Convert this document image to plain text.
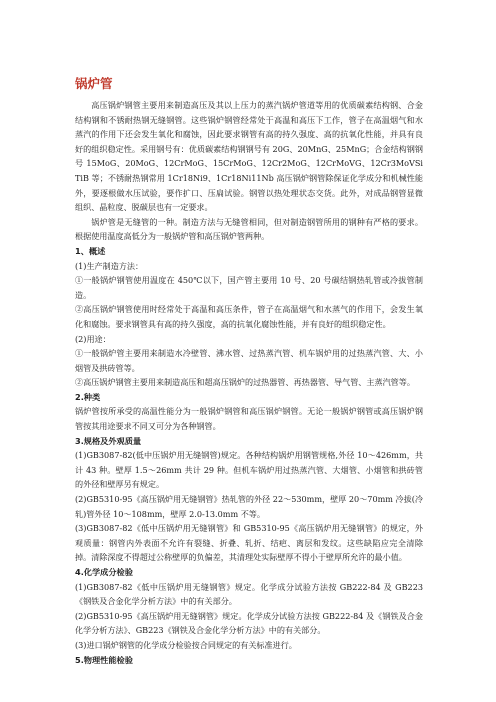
锅炉管

高压锅炉钢管主要用来制造高压及其以上压力的蒸汽锅炉管道等用的优质碳素结构钢、合金结构钢和不锈耐热钢无缝钢管。这些锅炉钢管经常处于高温和高压下工作，管子在高温烟气和水蒸汽的作用下还会发生氧化和腐蚀，因此要求钢管有高的持久强度、高的抗氧化性能，并具有良好的组织稳定性。采用钢号有：优质碳素结构钢钢号有 20G、20MnG、25MnG；合金结构钢钢号 15MoG、20MoG、12CrMoG、15CrMoG、12Cr2MoG、12CrMoVG、12Cr3MoVSiTiB 等；不锈耐热钢常用 1Cr18Ni9、1Cr18Ni11Nb 高压锅炉钢管除保证化学成分和机械性能外，要逐根做水压试验，要作扩口、压扁试验。钢管以热处理状态交货。此外，对成品钢管显微组织、晶粒度、脱碳层也有一定要求。

锅炉管是无缝管的一种。制造方法与无缝管相同，但对制造钢管所用的钢种有严格的要求。根据使用温度高低分为一般锅炉管和高压锅炉管两种。

1、概述

(1)生产制造方法：

①一般锅炉钢管使用温度在 450℃以下，国产管主要用 10 号、20 号碳结钢热轧管或冷拔管制造。

②高压锅炉钢管使用时经常处于高温和高压条件，管子在高温烟气和水蒸气的作用下，会发生氧化和腐蚀。要求钢管具有高的持久强度，高的抗氧化腐蚀性能，并有良好的组织稳定性。

(2)用途：

①一般锅炉管主要用来制造水冷壁管、沸水管、过热蒸汽管、机车锅炉用的过热蒸汽管、大、小烟管及拱砖管等。

②高压锅炉钢管主要用来制造高压和超高压锅炉的过热器管、再热器管、导气管、主蒸汽管等。

2.种类

锅炉管按所承受的高温性能分为一般锅炉钢管和高压锅炉钢管。无论一般锅炉钢管或高压锅炉钢管按其用途要求不同又可分为各种钢管。

3.规格及外观质量

(1)GB3087-82(低中压锅炉用无缝钢管)规定。各种结构锅炉用钢管规格,外径 10～426mm，共计 43 种。壁厚 1.5～26mm 共计 29 种。但机车锅炉用过热蒸汽管、大烟管、小烟管和拱砖管的外径和壁厚另有规定。

(2)GB5310-95《高压锅炉用无缝钢管》热轧管的外径 22～530mm，壁厚 20～70mm 冷拔(冷轧)管外径 10～108mm，壁厚 2.0-13.0mm 不等。

(3)GB3087-82《低中压锅炉用无缝钢管》和 GB5310-95《高压锅炉用无缝钢管》的规定，外观质量：钢管内外表面不允许有裂缝、折叠、轧折、结疤、离层和发纹。这些缺陷应完全清除掉。清除深度不得超过公称壁厚的负偏差，其清理处实际壁厚不得小于壁厚所允许的最小值。

4.化学成分检验

(1)GB3087-82《低中压锅炉用无缝钢管》规定。化学成分试验方法按 GB222-84 及 GB223《钢铁及合金化学分析方法》中的有关部分。

(2)GB5310-95《高压锅炉用无缝钢管》规定。化学成分试验方法按 GB222-84 及《钢铁及合金化学分析方法》、GB223《钢铁及合金化学分析方法》中的有关部分。

(3)进口锅炉钢管的化学成分检验按合同规定的有关标准进行。

5.物理性能检验
